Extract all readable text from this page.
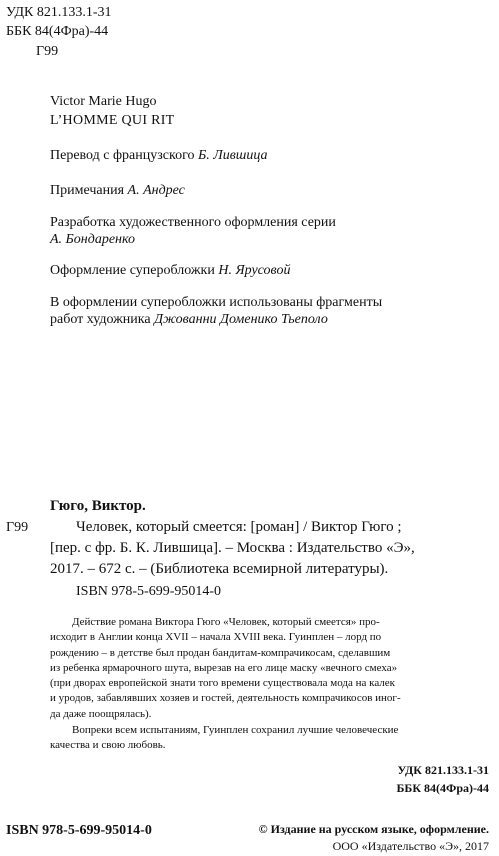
УДК 821.133.1-31
ББК 84(4Фра)-44
Г99
Victor Marie Hugo
L’HOMME QUI RIT
Перевод с французского Б. Лившица
Примечания А. Андрес
Разработка художественного оформления серии
А. Бондаренко
Оформление суперобложки Н. Ярусовой
В оформлении суперобложки использованы фрагменты
работ художника Джованни Доменико Тьеполо
Гюго, Виктор.
Г99	Человек, который смеется: [роман] / Виктор Гюго ;
[пер. с фр. Б. К. Лившица]. – Москва : Издательство «Э»,
2017. – 672 с. – (Библиотека всемирной литературы).
ISBN 978-5-699-95014-0
Действие романа Виктора Гюго «Человек, который смеется» про-
исходит в Англии конца XVII – начала XVIII века. Гуинплен – лорд по
рождению – в детстве был продан бандитам-компрачикосам, сделавшим
из ребенка ярмарочного шута, вырезав на его лице маску «вечного смеха»
(при дворах европейской знати того времени существовала мода на калек
и уродов, забавлявших хозяев и гостей, деятельность компрачикосов иног-
да даже поощрялась).
Вопреки всем испытаниям, Гуинплен сохранил лучшие человеческие
качества и свою любовь.
УДК 821.133.1-31
ББК 84(4Фра)-44
ISBN 978-5-699-95014-0	© Издание на русском языке, оформление.
ООО «Издательство «Э», 2017
